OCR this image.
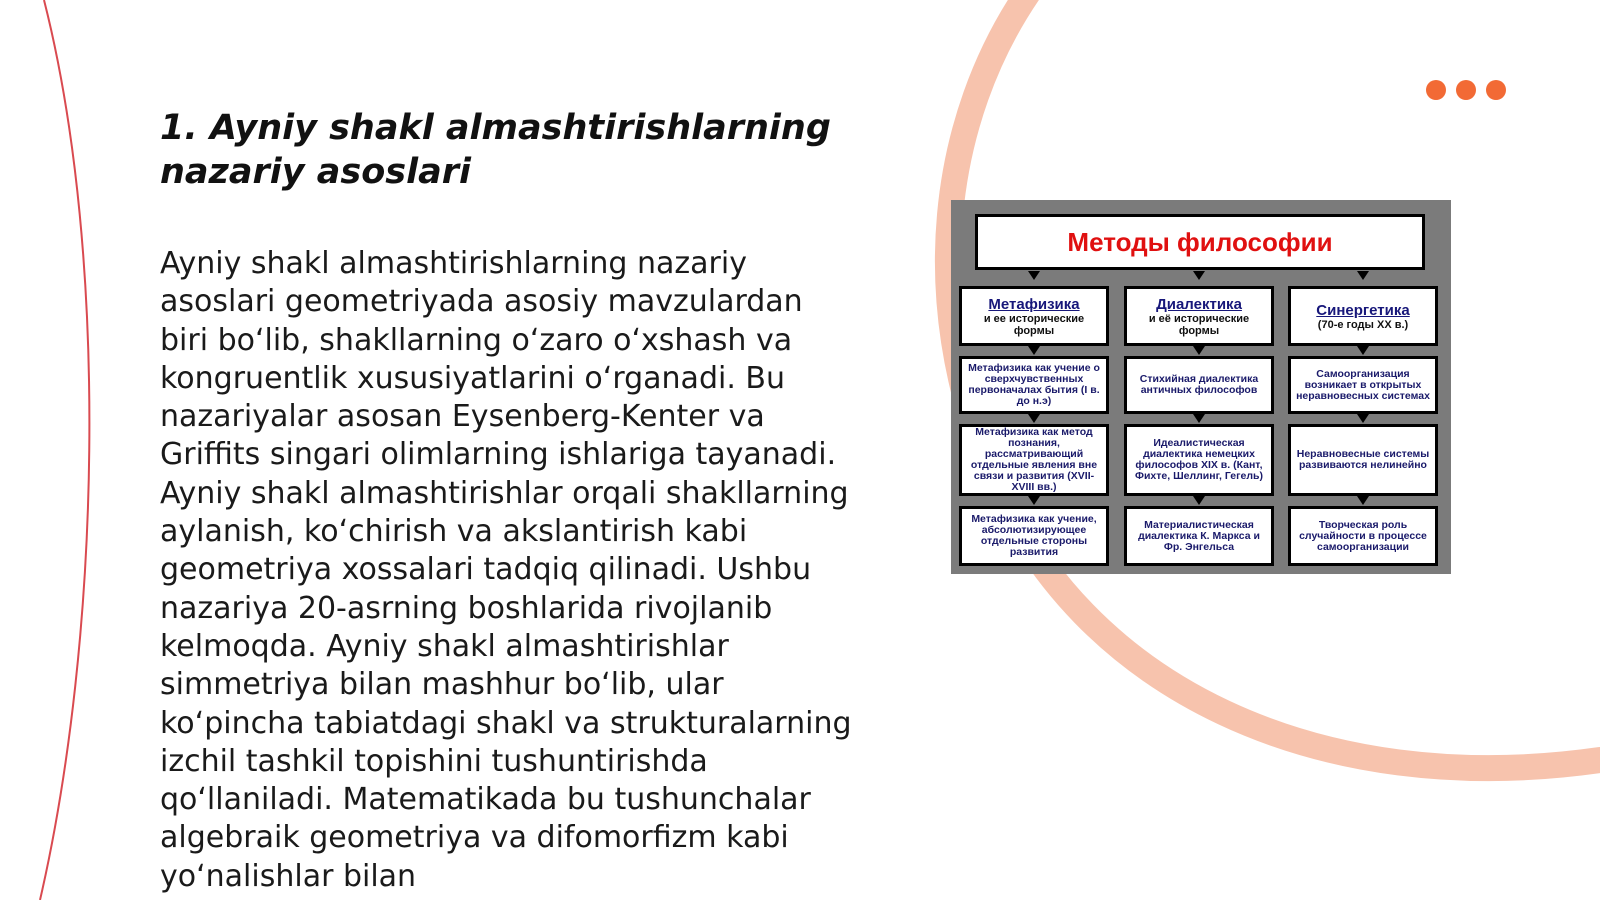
1. Ayniy shakl almashtirishlarning nazariy asoslari
Ayniy shakl almashtirishlarning nazariy asoslari geometriyada asosiy mavzulardan biri bo‘lib, shakllarning o‘zaro o‘xshash va kongruentlik xususiyatlarini o‘rganadi. Bu nazariyalar asosan Eysenberg-Kenter va Griffits singari olimlarning ishlariga tayanadi. Ayniy shakl almashtirishlar orqali shakllarning aylanish, ko‘chirish va akslantirish kabi geometriya xossalari tadqiq qilinadi. Ushbu nazariya 20-asrning boshlarida rivojlanib kelmoqda. Ayniy shakl almashtirishlar simmetriya bilan mashhur bo‘lib, ular ko‘pincha tabiatdagi shakl va strukturalarning izchil tashkil topishini tushuntirishda qo‘llaniladi. Matematikada bu tushunchalar algebraik geometriya va difomorfizm kabi yo‘nalishlar bilan
Методы философии
Метафизика
и ее исторические формы
Диалектика
и её исторические формы
Синергетика
(70-е годы XX в.)
Метафизика как учение о сверхчувственных первоначалах бытия (I в. до н.э)
Стихийная диалектика античных философов
Самоорганизация возникает в открытых неравновесных системах
Метафизика как метод познания, рассматривающий отдельные явления вне связи и развития (XVII-XVIII вв.)
Идеалистическая диалектика немецких философов XIX в. (Кант, Фихте, Шеллинг, Гегель)
Неравновесные системы развиваются нелинейно
Метафизика как учение, абсолютизирующее отдельные стороны развития
Материалистическая диалектика К. Маркса и Фр. Энгельса
Творческая роль случайности в процессе самоорганизации
